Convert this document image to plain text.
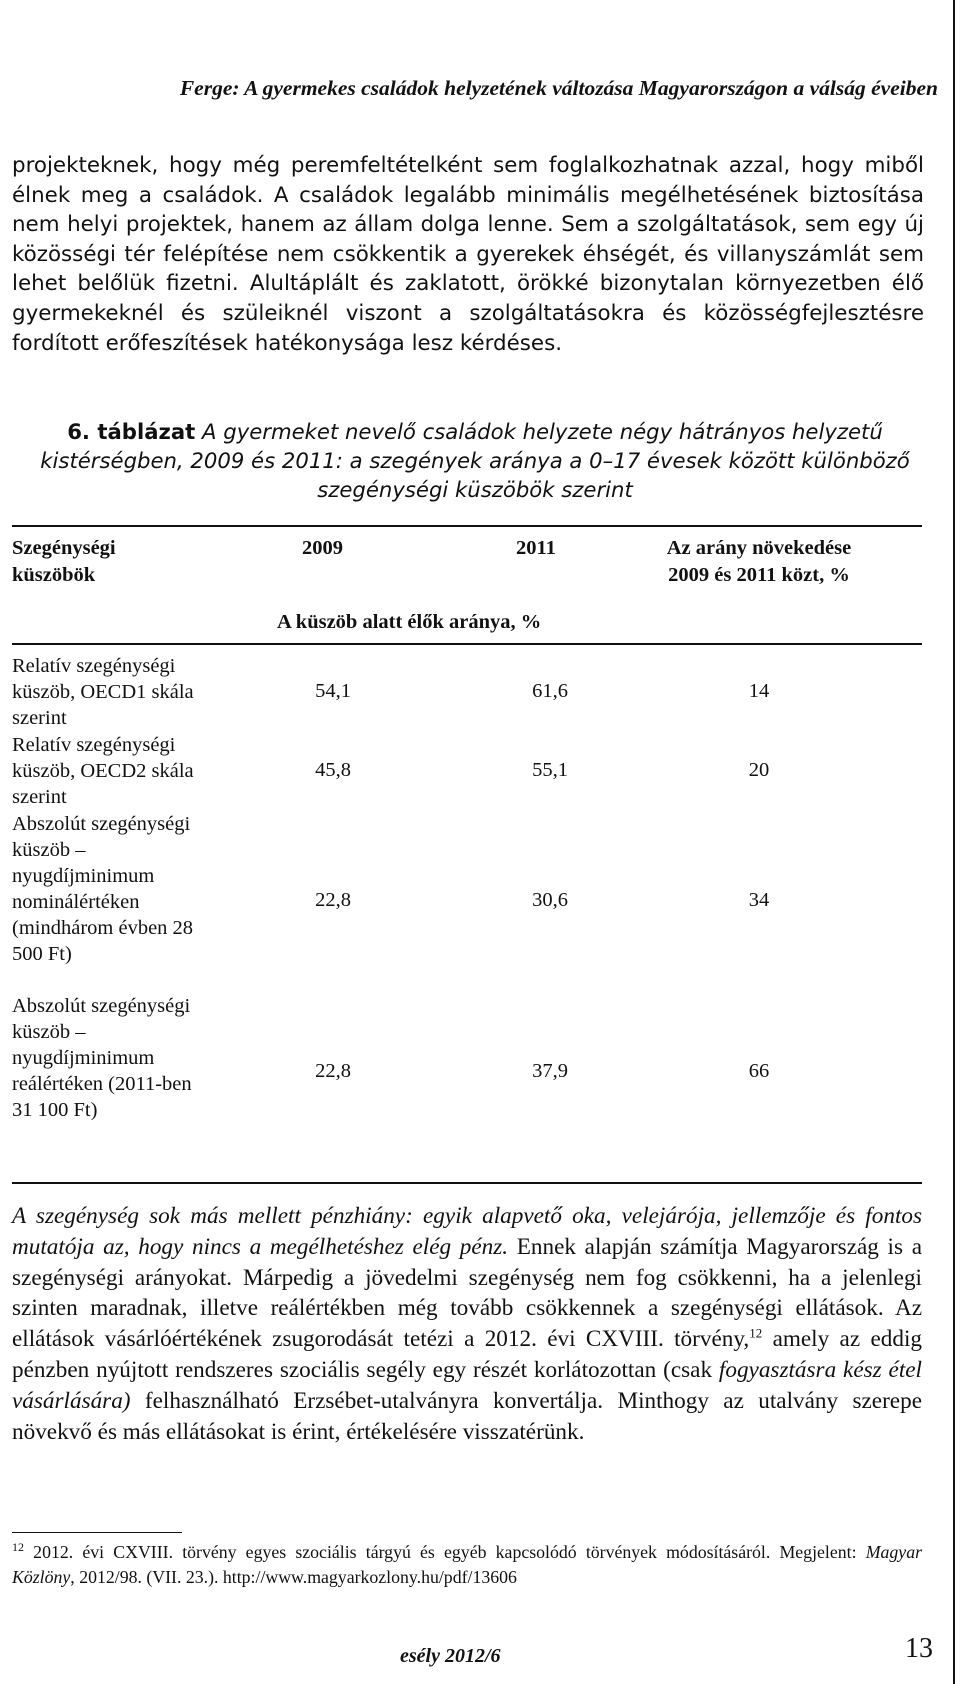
Ferge: A gyermekes családok helyzetének változása Magyarországon a válság éveiben
projekteknek, hogy még peremfeltételként sem foglalkozhatnak azzal, hogy miből élnek meg a családok. A családok legalább minimális megélhetésének biztosítása nem helyi projektek, hanem az állam dolga lenne. Sem a szolgáltatások, sem egy új közösségi tér felépítése nem csökkentik a gyerekek éhségét, és villanyszámlát sem lehet belőlük fizetni. Alultáplált és zaklatott, örökké bizonytalan környezetben élő gyermekeknél és szüleiknél viszont a szolgáltatásokra és közösségfejlesztésre fordított erőfeszítések hatékonysága lesz kérdéses.
6. táblázat A gyermeket nevelő családok helyzete négy hátrányos helyzetű kistérségben, 2009 és 2011: a szegények aránya a 0–17 évesek között különböző szegénységi küszöbök szerint
Szegénységi küszöbök
2009	2011	Az arány növekedése 2009 és 2011 közt, %
A küszöb alatt élők aránya, %
Relatív szegénységi küszöb, OECD1 skála szerint
54,1	61,6	14
Relatív szegénységi küszöb, OECD2 skála szerint
45,8	55,1	20
Abszolút szegénységi küszöb – nyugdíjminimum nominálértéken (mindhárom évben 28 500 Ft)
22,8	30,6	34
Abszolút szegénységi küszöb – nyugdíjminimum reálértéken (2011-ben 31 100 Ft)
22,8	37,9	66
A szegénység sok más mellett pénzhiány: egyik alapvető oka, velejárója, jellemzője és fontos mutatója az, hogy nincs a megélhetéshez elég pénz. Ennek alapján számítja Magyarország is a szegénységi arányokat. Márpedig a jövedelmi szegénység nem fog csökkenni, ha a jelenlegi szinten maradnak, illetve reálértékben még tovább csökkennek a szegénységi ellátások. Az ellátások vásárlóértékének zsugorodását tetézi a 2012. évi CXVIII. törvény,$^{12}$ amely az eddig pénzben nyújtott rendszeres szociális segély egy részét korlátozottan (csak fogyasztásra kész étel vásárlására) felhasználható Erzsébet-utalványra konvertálja. Minthogy az utalvány szerepe növekvő és más ellátásokat is érint, értékelésére visszatérünk.
$^{12}$ 2012. évi CXVIII. törvény egyes szociális tárgyú és egyéb kapcsolódó törvények módosításáról. Megjelent: Magyar Közlöny, 2012/98. (VII. 23.). http://www.magyarkozlony.hu/pdf/13606
esély 2012/6	13
